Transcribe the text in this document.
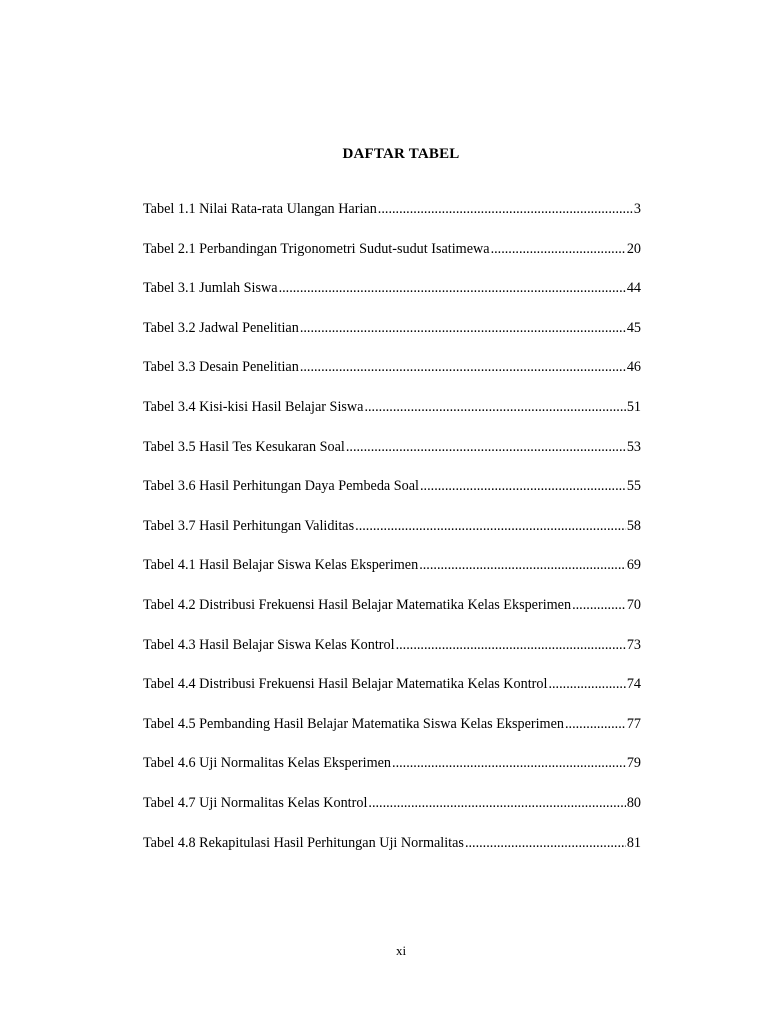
DAFTAR TABEL
Tabel 1.1 Nilai Rata-rata Ulangan Harian .....	3
Tabel 2.1 Perbandingan Trigonometri Sudut-sudut Isatimewa .....	20
Tabel 3.1 Jumlah Siswa .....	44
Tabel 3.2 Jadwal Penelitian .....	45
Tabel 3.3 Desain Penelitian .....	46
Tabel 3.4 Kisi-kisi Hasil Belajar Siswa .....	51
Tabel 3.5 Hasil Tes Kesukaran Soal .....	53
Tabel 3.6 Hasil Perhitungan Daya Pembeda Soal .....	55
Tabel 3.7 Hasil Perhitungan Validitas .....	58
Tabel 4.1 Hasil Belajar Siswa Kelas Eksperimen .....	69
Tabel 4.2 Distribusi Frekuensi Hasil Belajar Matematika Kelas Eksperimen .....	70
Tabel 4.3 Hasil Belajar Siswa Kelas Kontrol .....	73
Tabel 4.4 Distribusi Frekuensi Hasil Belajar Matematika Kelas Kontrol .....	74
Tabel 4.5 Pembanding Hasil Belajar Matematika Siswa Kelas Eksperimen .....	77
Tabel 4.6 Uji Normalitas Kelas Eksperimen .....	79
Tabel 4.7 Uji Normalitas Kelas Kontrol .....	80
Tabel 4.8 Rekapitulasi Hasil Perhitungan Uji Normalitas .....	81
xi
